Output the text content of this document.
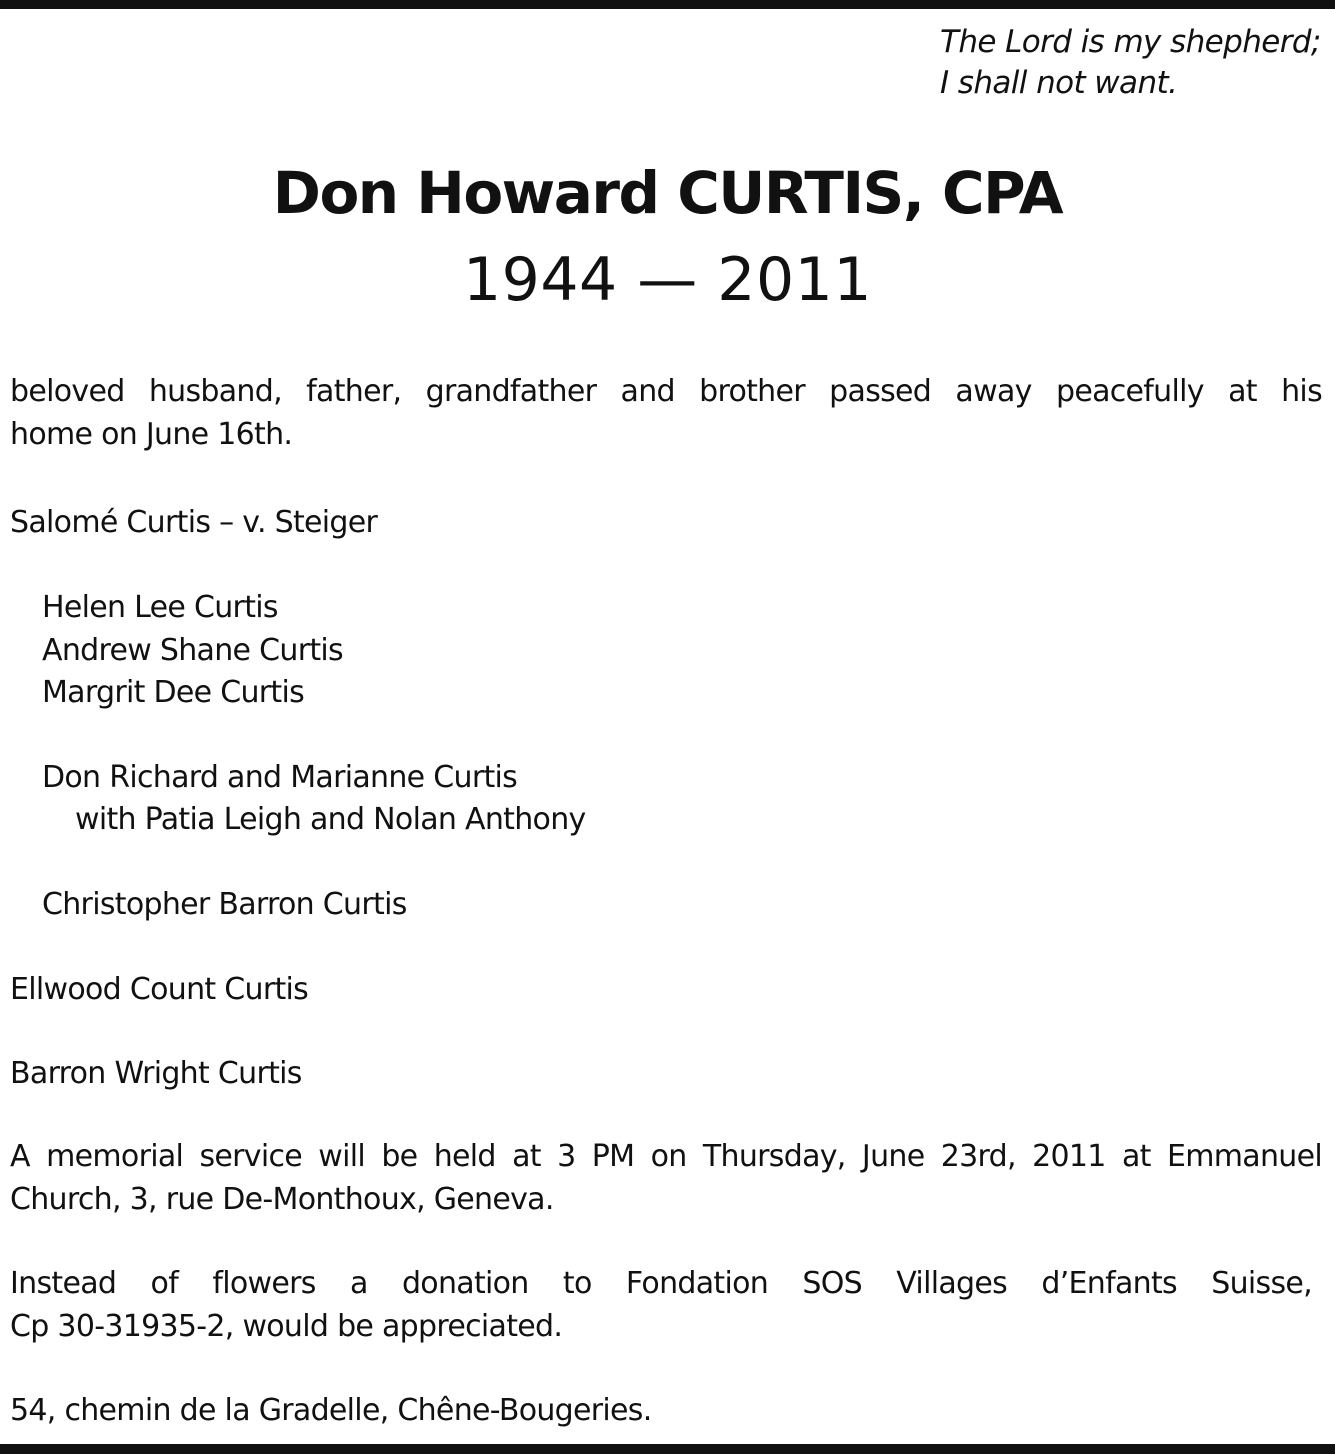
The Lord is my shepherd;
I shall not want.
Don Howard CURTIS, CPA
1944 — 2011
beloved husband, father, grandfather and brother passed away peacefully at his
home on June 16th.
Salomé Curtis – v. Steiger
Helen Lee Curtis
Andrew Shane Curtis
Margrit Dee Curtis
Don Richard and Marianne Curtis
with Patia Leigh and Nolan Anthony
Christopher Barron Curtis
Ellwood Count Curtis
Barron Wright Curtis
A memorial service will be held at 3 PM on Thursday, June 23rd, 2011 at Emmanuel
Church, 3, rue De-Monthoux, Geneva.
Instead of flowers a donation to Fondation SOS Villages d’Enfants Suisse,
Cp 30-31935-2, would be appreciated.
54, chemin de la Gradelle, Chêne-Bougeries.
